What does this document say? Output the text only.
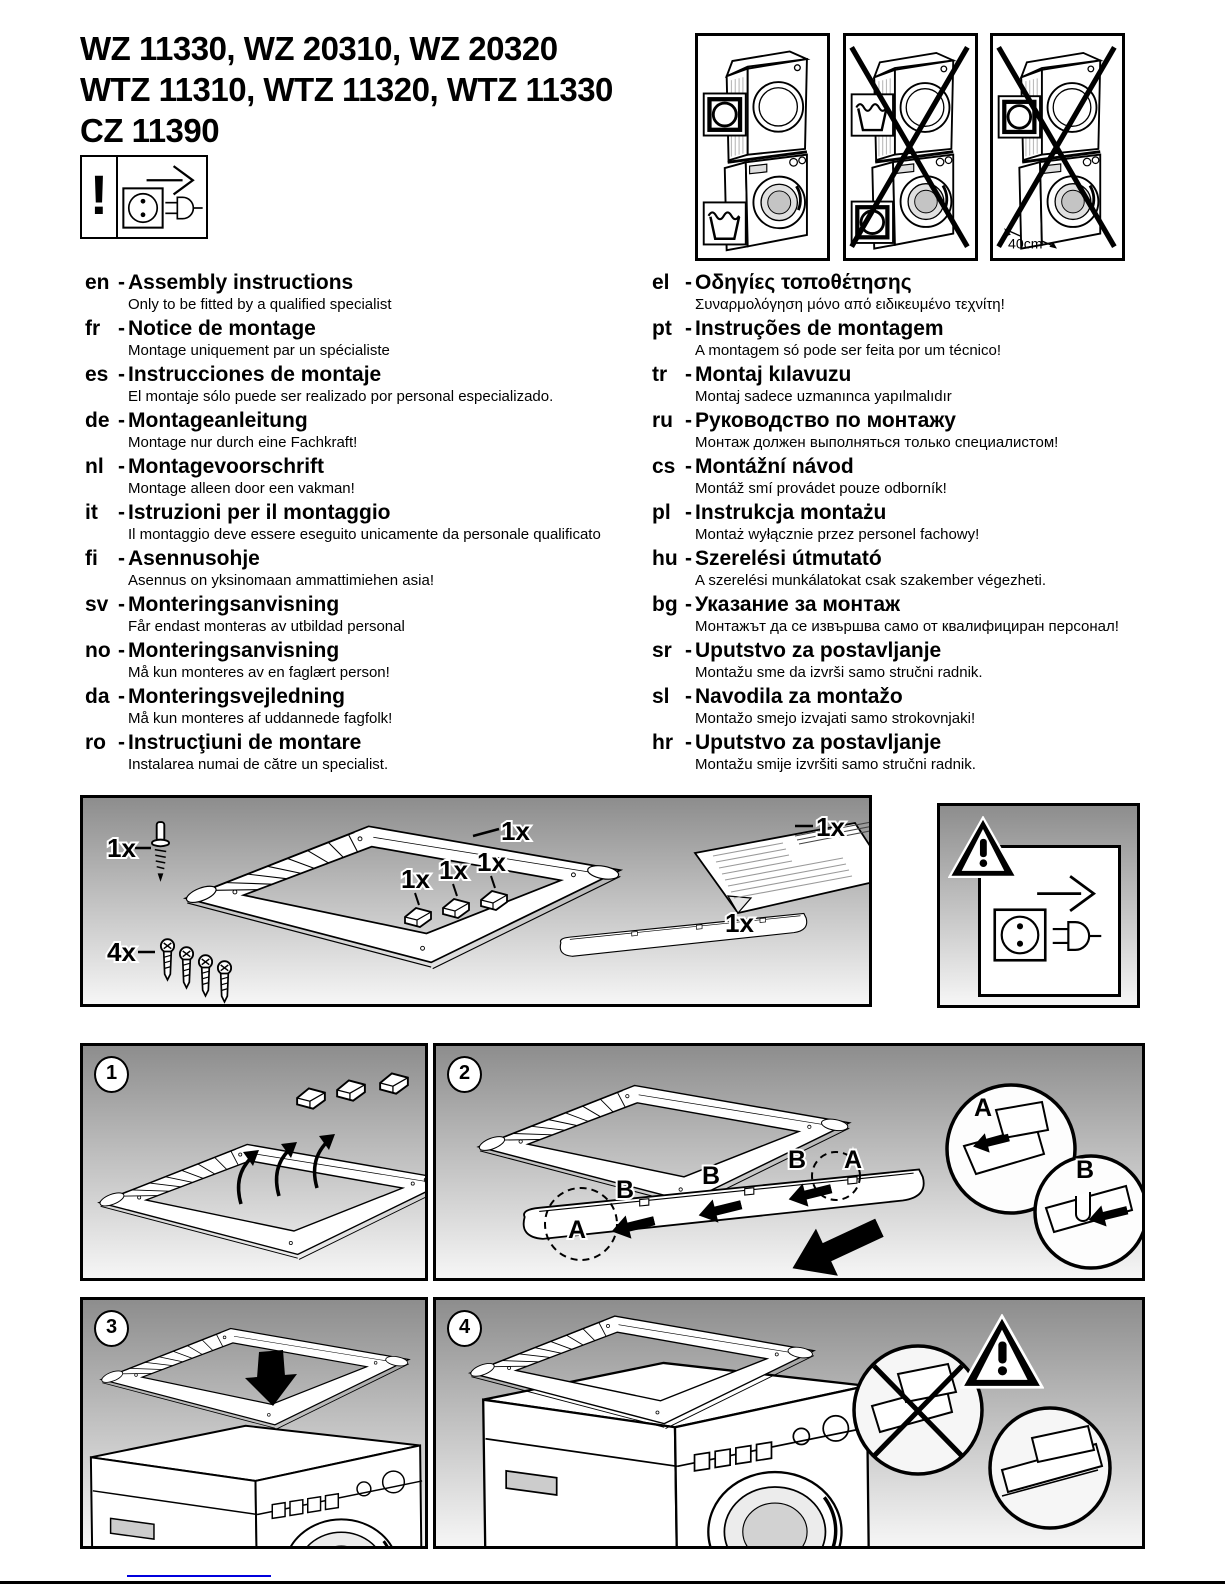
WZ 11330, WZ 20310, WZ 20320
WTZ 11310, WTZ 11320, WTZ 11330
CZ 11390
!
40cm
en - Assembly instructions
Only to be fitted by a qualified specialist
fr - Notice de montage
Montage uniquement par un spécialiste
es - Instrucciones de montaje
El montaje sólo puede ser realizado por personal especializado.
de - Montageanleitung
Montage nur durch eine Fachkraft!
nl - Montagevoorschrift
Montage alleen door een vakman!
it - Istruzioni per il montaggio
Il montaggio deve essere eseguito unicamente da personale qualificato
fi - Asennusohje
Asennus on yksinomaan ammattimiehen asia!
sv - Monteringsanvisning
Får endast monteras av utbildad personal
no - Monteringsanvisning
Må kun monteres av en faglært person!
da - Monteringsvejledning
Må kun monteres af uddannede fagfolk!
ro - Instrucţiuni de montare
Instalarea numai de către un specialist.
el - Οδηγίες τοποθέτησης
Συναρμολόγηση μόνο από ειδικευμένο τεχνίτη!
pt - Instruções de montagem
A montagem só pode ser feita por um técnico!
tr - Montaj kılavuzu
Montaj sadece uzmanınca yapılmalıdır
ru - Руководство по монтажу
Монтаж должен выполняться только специалистом!
cs - Montážní návod
Montáž smí provádet pouze odborník!
pl - Instrukcja montażu
Montaż wyłącznie przez personel fachowy!
hu - Szerelési útmutató
A szerelési munkálatokat csak szakember végezheti.
bg - Указание за монтаж
Монтажът да се извършва само от квалифициран персонал!
sr - Uputstvo za postavljanje
Montažu sme da izvrši samo stručni radnik.
sl - Navodila za montažo
Montažo smejo izvajati samo strokovnjaki!
hr - Uputstvo za postavljanje
Montažu smije izvršiti samo stručni radnik.
1x
1x
1x 1x 1x
1x
1x
4x
1	2
A
B	B
B A
A
B
3	4
